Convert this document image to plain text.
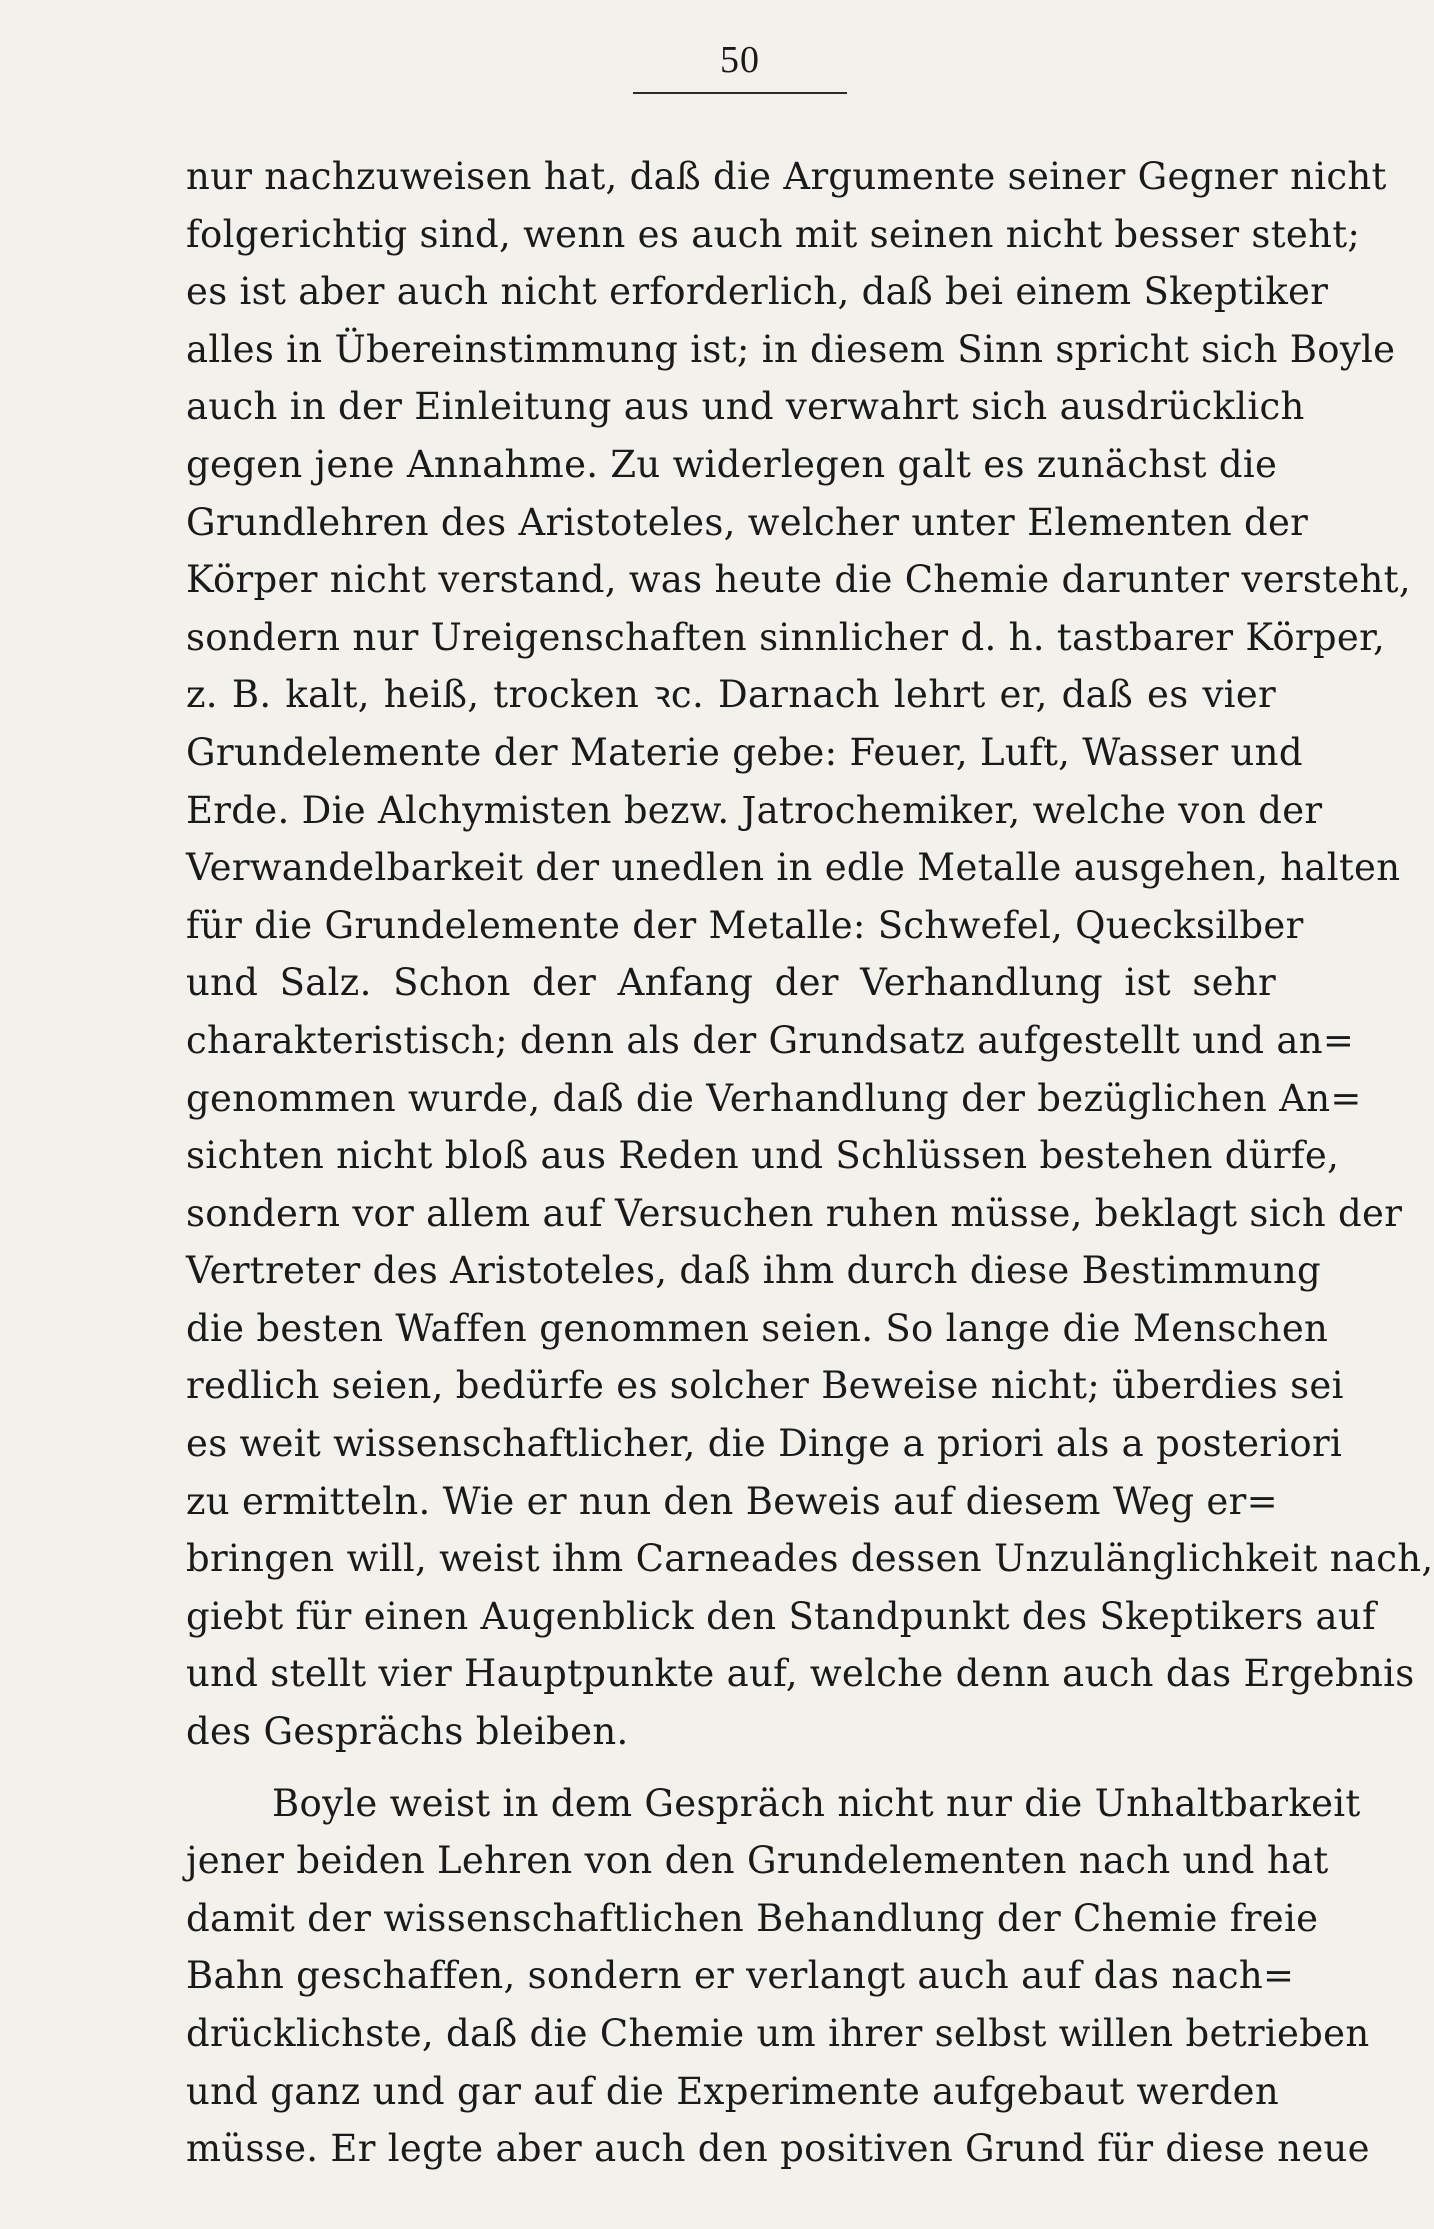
50
nur nachzuweisen hat, daß die Argumente seiner Gegner nicht
folgerichtig sind, wenn es auch mit seinen nicht besser steht;
es ist aber auch nicht erforderlich, daß bei einem Skeptiker
alles in Übereinstimmung ist; in diesem Sinn spricht sich Boyle
auch in der Einleitung aus und verwahrt sich ausdrücklich
gegen jene Annahme. Zu widerlegen galt es zunächst die
Grundlehren des Aristoteles, welcher unter Elementen der
Körper nicht verstand, was heute die Chemie darunter versteht,
sondern nur Ureigenschaften sinnlicher d. h. tastbarer Körper,
z. B. kalt, heiß, trocken ꝛc. Darnach lehrt er, daß es vier
Grundelemente der Materie gebe: Feuer, Luft, Wasser und
Erde. Die Alchymisten bezw. Jatrochemiker, welche von der
Verwandelbarkeit der unedlen in edle Metalle ausgehen, halten
für die Grundelemente der Metalle: Schwefel, Quecksilber
und Salz. Schon der Anfang der Verhandlung ist sehr
charakteristisch; denn als der Grundsatz aufgestellt und an=
genommen wurde, daß die Verhandlung der bezüglichen An=
sichten nicht bloß aus Reden und Schlüssen bestehen dürfe,
sondern vor allem auf Versuchen ruhen müsse, beklagt sich der
Vertreter des Aristoteles, daß ihm durch diese Bestimmung
die besten Waffen genommen seien. So lange die Menschen
redlich seien, bedürfe es solcher Beweise nicht; überdies sei
es weit wissenschaftlicher, die Dinge a priori als a posteriori
zu ermitteln. Wie er nun den Beweis auf diesem Weg er=
bringen will, weist ihm Carneades dessen Unzulänglichkeit nach,
giebt für einen Augenblick den Standpunkt des Skeptikers auf
und stellt vier Hauptpunkte auf, welche denn auch das Ergebnis
des Gesprächs bleiben.
Boyle weist in dem Gespräch nicht nur die Unhaltbarkeit
jener beiden Lehren von den Grundelementen nach und hat
damit der wissenschaftlichen Behandlung der Chemie freie
Bahn geschaffen, sondern er verlangt auch auf das nach=
drücklichste, daß die Chemie um ihrer selbst willen betrieben
und ganz und gar auf die Experimente aufgebaut werden
müsse. Er legte aber auch den positiven Grund für diese neue
